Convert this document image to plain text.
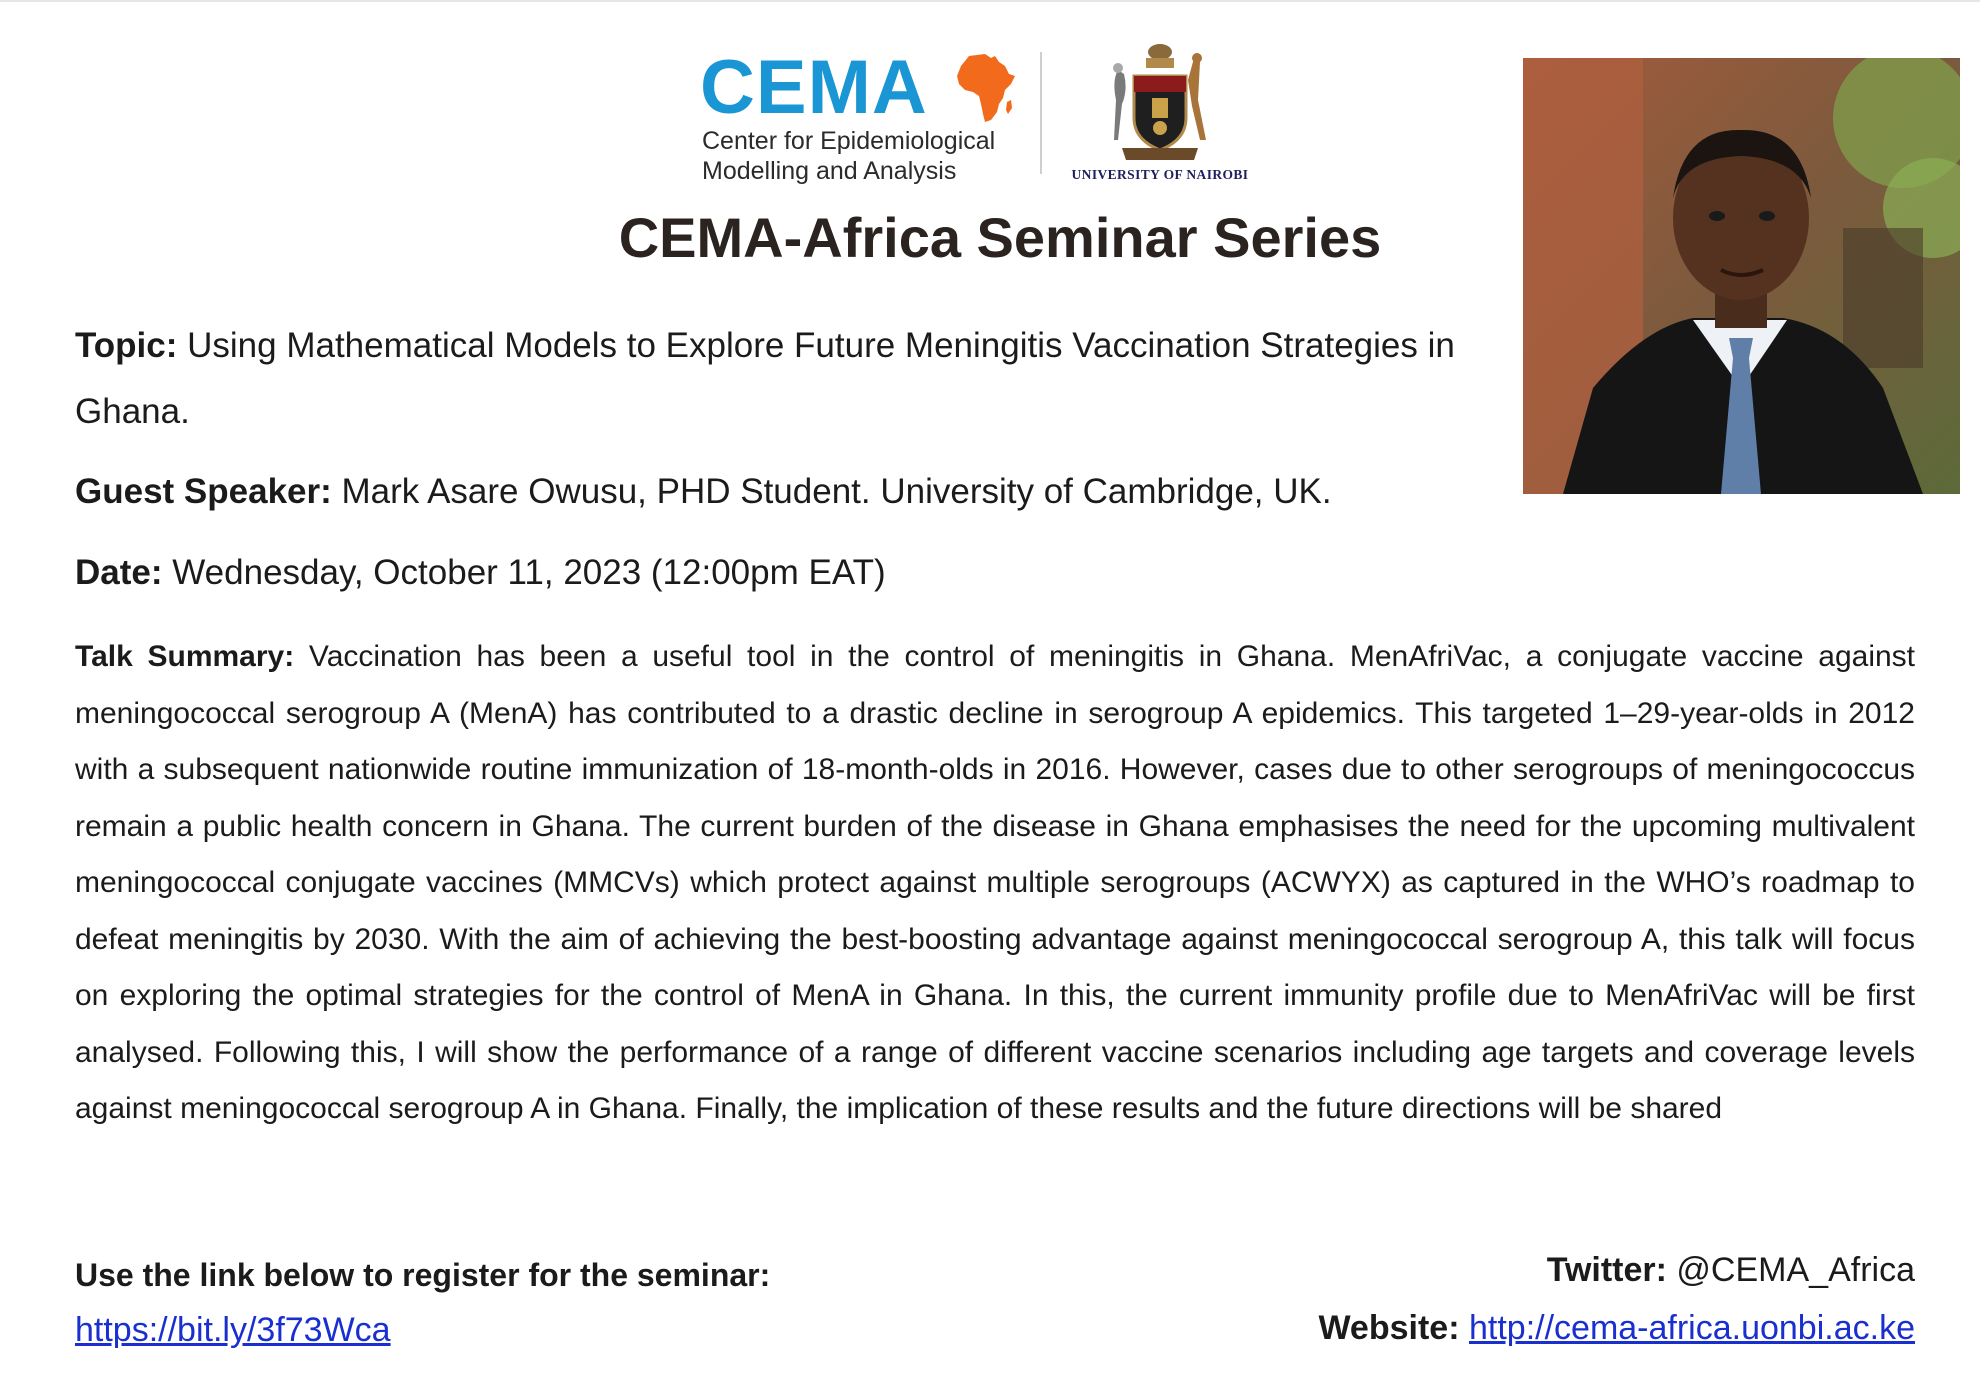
CEMA
Center for Epidemiological
Modelling and Analysis	UNIVERSITY OF NAIROBI
CEMA-Africa Seminar Series
Topic: Using Mathematical Models to Explore Future Meningitis Vaccination Strategies in Ghana.
Guest Speaker: Mark Asare Owusu, PHD Student. University of Cambridge, UK.
Date: Wednesday, October 11, 2023 (12:00pm EAT)
Talk Summary: Vaccination has been a useful tool in the control of meningitis in Ghana. MenAfriVac, a conjugate vaccine against meningococcal serogroup A (MenA) has contributed to a drastic decline in serogroup A epidemics. This targeted 1–29-year-olds in 2012 with a subsequent nationwide routine immunization of 18-month-olds in 2016. However, cases due to other serogroups of meningococcus remain a public health concern in Ghana. The current burden of the disease in Ghana emphasises the need for the upcoming multivalent meningococcal conjugate vaccines (MMCVs) which protect against multiple serogroups (ACWYX) as captured in the WHO’s roadmap to defeat meningitis by 2030. With the aim of achieving the best-boosting advantage against meningococcal serogroup A, this talk will focus on exploring the optimal strategies for the control of MenA in Ghana. In this, the current immunity profile due to MenAfriVac will be first analysed. Following this, I will show the performance of a range of different vaccine scenarios including age targets and coverage levels against meningococcal serogroup A in Ghana. Finally, the implication of these results and the future directions will be shared
Use the link below to register for the seminar:
https://bit.ly/3f73Wca
Twitter: @CEMA_Africa
Website: http://cema-africa.uonbi.ac.ke
